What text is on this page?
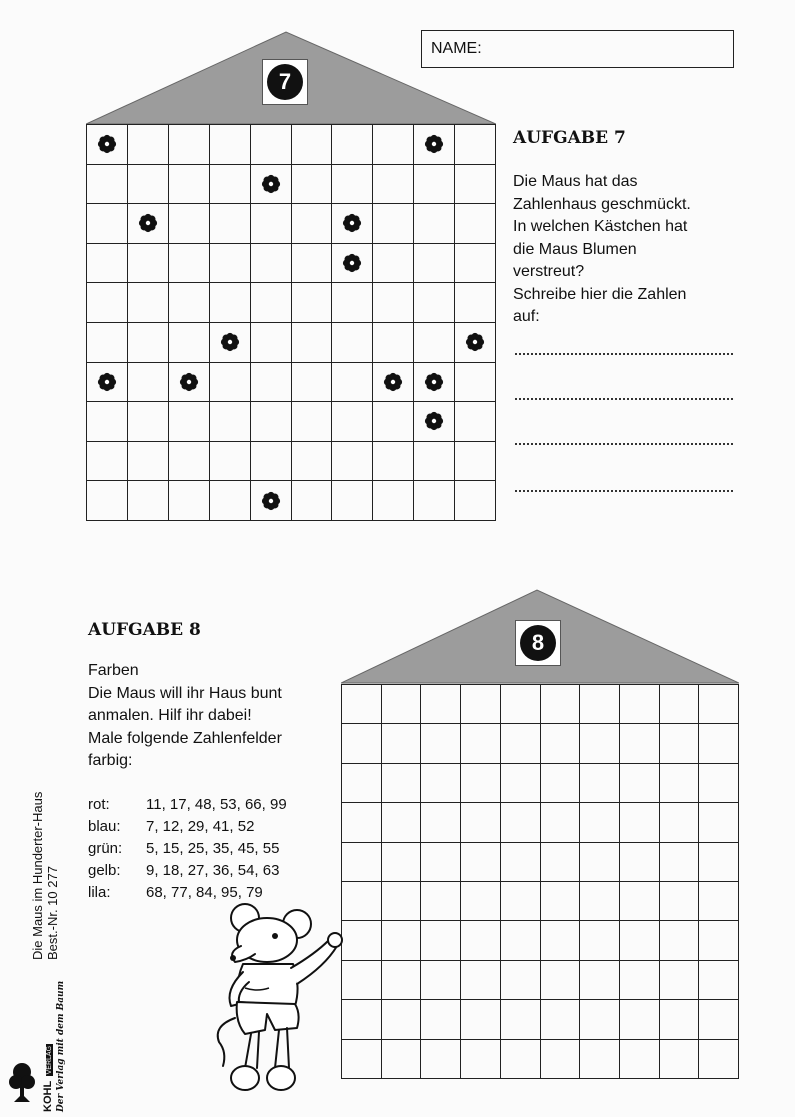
NAME:
7
AUFGABE 7
Die Maus hat das
Zahlenhaus geschmückt.
In welchen Kästchen hat
die Maus Blumen
verstreut?
Schreibe hier die Zahlen
auf:
AUFGABE 8
Farben
Die Maus will ihr Haus bunt
anmalen. Hilf ihr dabei!
Male folgende Zahlenfelder
farbig:
rot:	11, 17, 48, 53, 66, 99
blau:	7, 12, 29, 41, 52
grün:	5, 15, 25, 35, 45, 55
gelb:	9, 18, 27, 36, 54, 63
lila:	68, 77, 84, 95, 79
8
Die Maus im Hunderter-Haus Best.-Nr. 10 277
KOHL VERLAG Der Verlag mit dem Baum
